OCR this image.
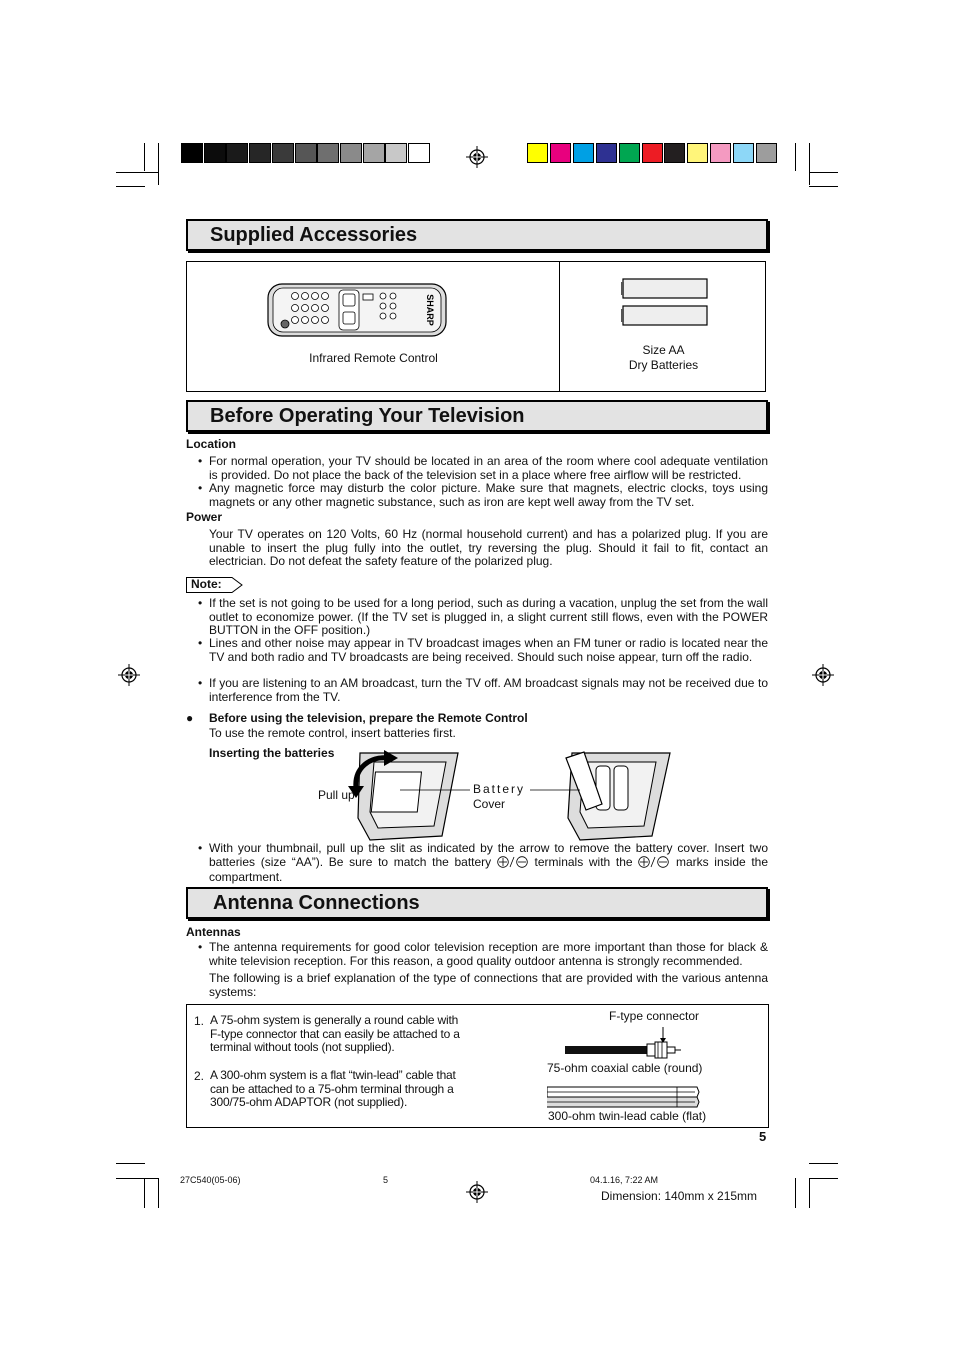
Supplied Accessories
SHARP
Infrared Remote Control
Size AA
Dry Batteries
Before Operating Your Television
Location
• For normal operation, your TV should be located in an area of the room where cool adequate ventilation is provided. Do not place the back of the television set in a place where free airflow will be restricted.
• Any magnetic force may disturb the color picture. Make sure that magnets, electric clocks, toys using magnets or any other magnetic substance, such as iron are kept well away from the TV set.
Power
Your TV operates on 120 Volts, 60 Hz (normal household current) and has a polarized plug. If you are unable to insert the plug fully into the outlet, try reversing the plug. Should it fail to fit, contact an electrician. Do not defeat the safety feature of the polarized plug.
Note:
• If the set is not going to be used for a long period, such as during a vacation, unplug the set from the wall outlet to economize power. (If the TV set is plugged in, a slight current still flows, even with the POWER BUTTON in the OFF position.)
• Lines and other noise may appear in TV broadcast images when an FM tuner or radio is located near the TV and both radio and TV broadcasts are being received. Should such noise appear, turn off the radio.
• If you are listening to an AM broadcast, turn the TV off. AM broadcast signals may not be received due to interference from the TV.
● Before using the television, prepare the Remote Control
To use the remote control, insert batteries first.
Inserting the batteries
Pull up	Battery
Cover
• With your thumbnail, pull up the slit as indicated by the arrow to remove the battery cover. Insert two batteries (size “AA”). Be sure to match the battery	terminals with the	marks inside the compartment.
Antenna Connections
Antennas
• The antenna requirements for good color television reception are more important than those for black & white television reception. For this reason, a good quality outdoor antenna is strongly recommended.
The following is a brief explanation of the type of connections that are provided with the various antenna systems:
1. A 75-ohm system is generally a round cable with F-type connector that can easily be attached to a terminal without tools (not supplied).
2. A 300-ohm system is a flat “twin-lead” cable that can be attached to a 75-ohm terminal through a 300/75-ohm ADAPTOR (not supplied).
F-type connector
75-ohm coaxial cable (round)
300-ohm twin-lead cable (flat)
5
27C540(05-06)	5	04.1.16, 7:22 AM
Dimension: 140mm x 215mm
